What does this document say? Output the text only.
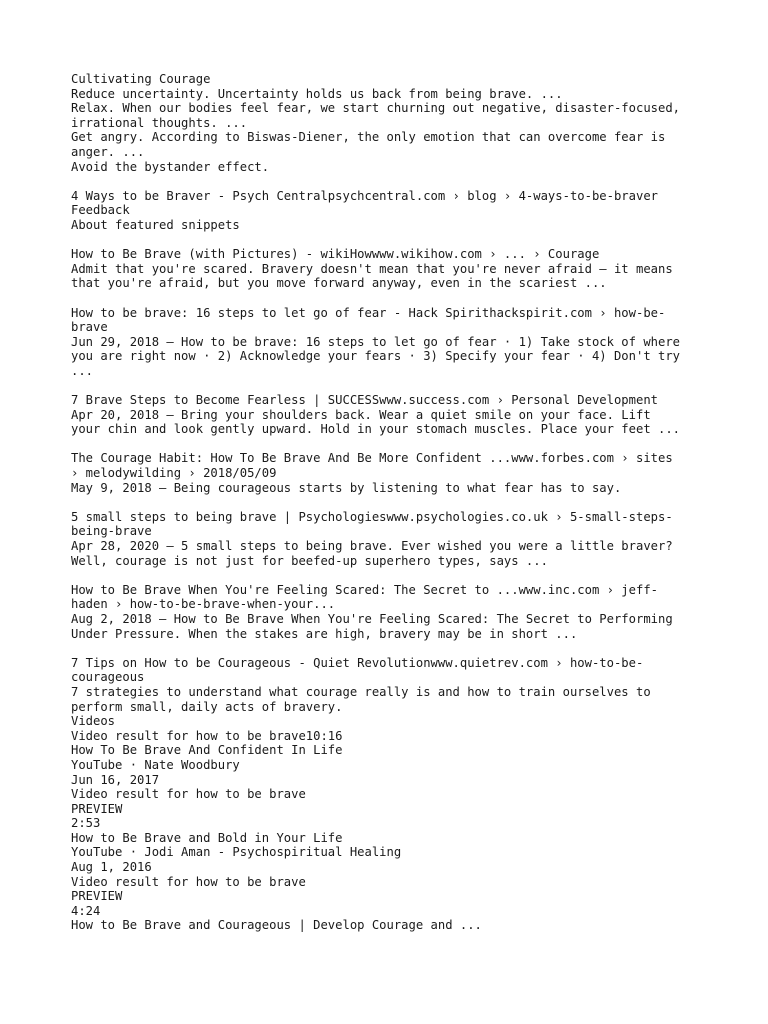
Cultivating Courage

Reduce uncertainty. Uncertainty holds us back from being brave. ...

Relax. When our bodies feel fear, we start churning out negative, disaster-focused,

irrational thoughts. ...

Get angry. According to Biswas-Diener, the only emotion that can overcome fear is

anger. ...

Avoid the bystander effect.

4 Ways to be Braver - Psych Centralpsychcentral.com › blog › 4-ways-to-be-braver

Feedback

About featured snippets

How to Be Brave (with Pictures) - wikiHowwww.wikihow.com › ... › Courage

Admit that you're scared. Bravery doesn't mean that you're never afraid — it means

that you're afraid, but you move forward anyway, even in the scariest ...

How to be brave: 16 steps to let go of fear - Hack Spirithackspirit.com › how-be-

brave

Jun 29, 2018 — How to be brave: 16 steps to let go of fear · 1) Take stock of where

you are right now · 2) Acknowledge your fears · 3) Specify your fear · 4) Don't try

...

7 Brave Steps to Become Fearless | SUCCESSwww.success.com › Personal Development

Apr 20, 2018 — Bring your shoulders back. Wear a quiet smile on your face. Lift

your chin and look gently upward. Hold in your stomach muscles. Place your feet ...

The Courage Habit: How To Be Brave And Be More Confident ...www.forbes.com › sites

› melodywilding › 2018/05/09

May 9, 2018 — Being courageous starts by listening to what fear has to say.

5 small steps to being brave | Psychologieswww.psychologies.co.uk › 5-small-steps-

being-brave

Apr 28, 2020 — 5 small steps to being brave. Ever wished you were a little braver?

Well, courage is not just for beefed-up superhero types, says ...

How to Be Brave When You're Feeling Scared: The Secret to ...www.inc.com › jeff-

haden › how-to-be-brave-when-your...

Aug 2, 2018 — How to Be Brave When You're Feeling Scared: The Secret to Performing

Under Pressure. When the stakes are high, bravery may be in short ...

7 Tips on How to be Courageous - Quiet Revolutionwww.quietrev.com › how-to-be-

courageous

7 strategies to understand what courage really is and how to train ourselves to

perform small, daily acts of bravery.

Videos

Video result for how to be brave10:16

How To Be Brave And Confident In Life

YouTube · Nate Woodbury

Jun 16, 2017

Video result for how to be brave

PREVIEW

2:53

How to Be Brave and Bold in Your Life

YouTube · Jodi Aman - Psychospiritual Healing

Aug 1, 2016

Video result for how to be brave

PREVIEW

4:24

How to Be Brave and Courageous | Develop Courage and ...
